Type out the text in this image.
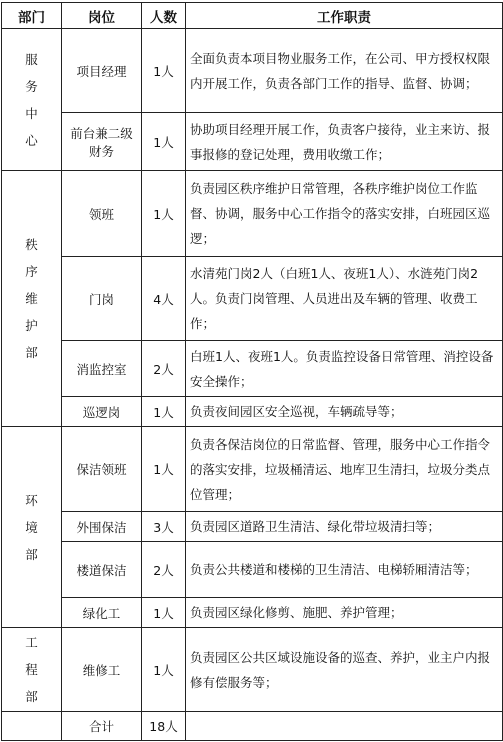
部门	岗位	人数	工作职责

服
务
中
心	项目经理	1人	全面负责本项目物业服务工作，在公司、甲方授权权限内开展工作，负责各部门工作的指导、监督、协调；
	前台兼二级财务	1人	协助项目经理开展工作，负责客户接待，业主来访、报事报修的登记处理，费用收缴工作；

秩
序
维
护
部	领班	1人	负责园区秩序维护日常管理，各秩序维护岗位工作监督、协调，服务中心工作指令的落实安排，白班园区巡逻；
	门岗	4人	水清苑门岗2人（白班1人、夜班1人）、水涟苑门岗2人。负责门岗管理、人员进出及车辆的管理、收费工作；
	消监控室	2人	白班1人、夜班1人。负责监控设备日常管理、消控设备安全操作；
	巡逻岗	1人	负责夜间园区安全巡视，车辆疏导等；

环
境
部	保洁领班	1人	负责各保洁岗位的日常监督、管理，服务中心工作指令的落实安排，垃圾桶清运、地库卫生清扫，垃圾分类点位管理；
	外围保洁	3人	负责园区道路卫生清洁、绿化带垃圾清扫等；
	楼道保洁	2人	负责公共楼道和楼梯的卫生清洁、电梯轿厢清洁等；
	绿化工	1人	负责园区绿化修剪、施肥、养护管理；

工
程
部	维修工	1人	负责园区公共区域设施设备的巡查、养护，业主户内报修有偿服务等；
	合计	18人	
